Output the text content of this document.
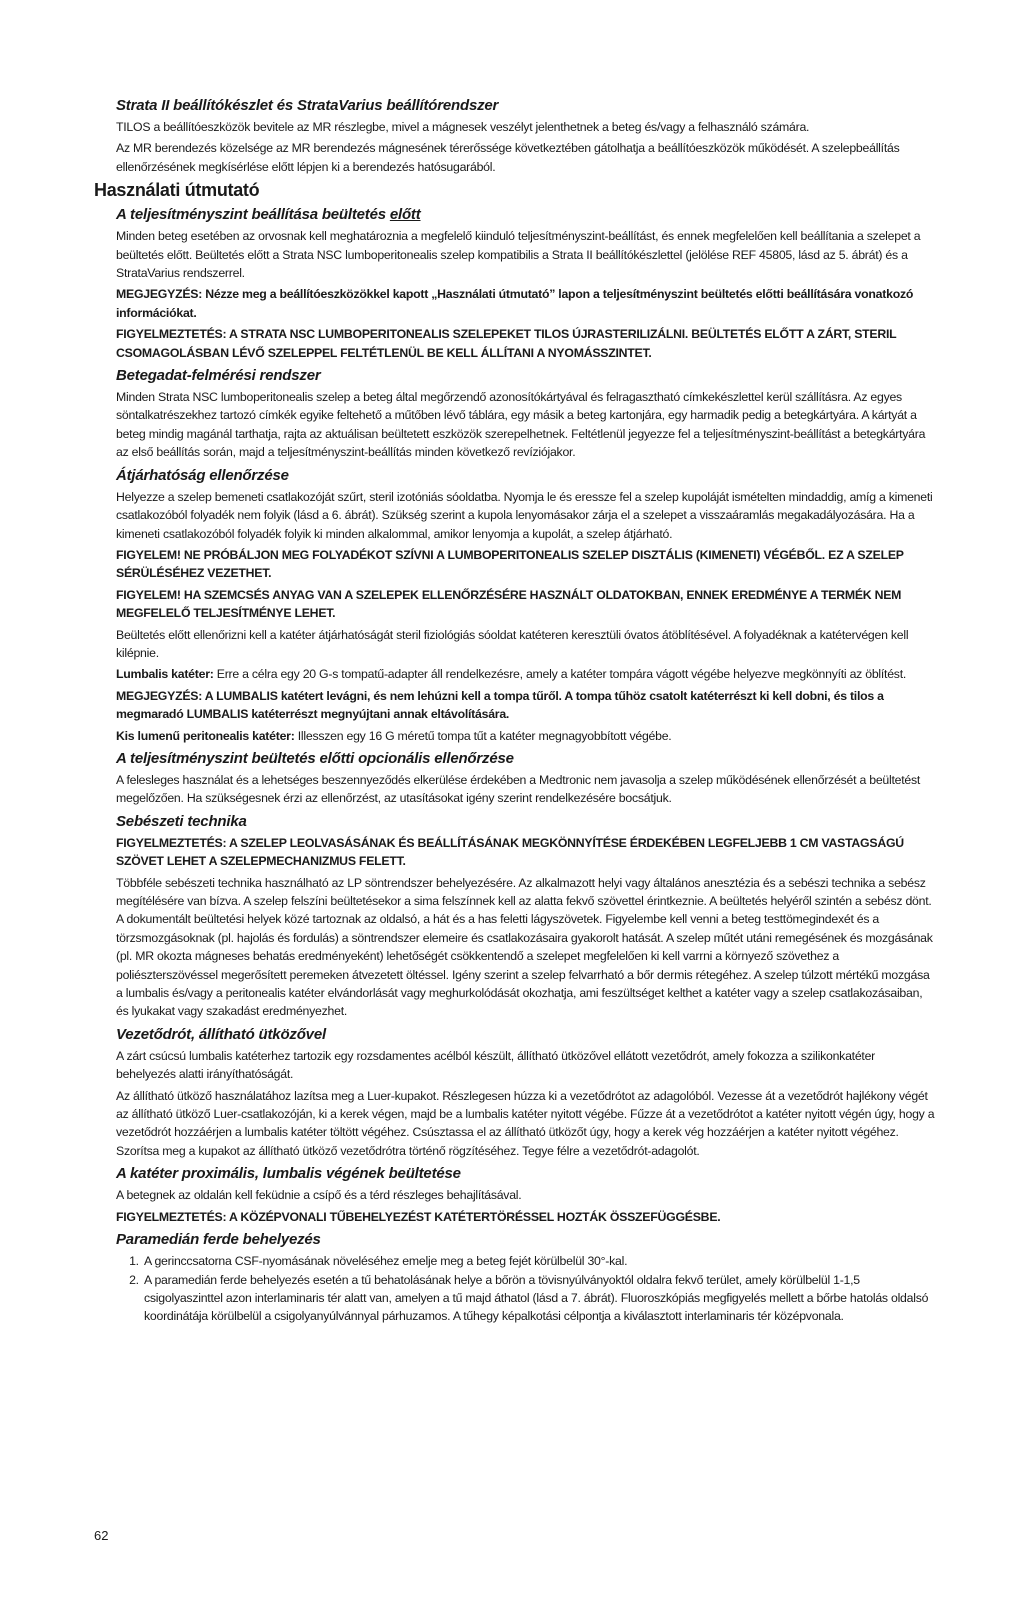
Strata II beállítókészlet és StrataVarius beállítórendszer

TILOS a beállítóeszközök bevitele az MR részlegbe, mivel a mágnesek veszélyt jelenthetnek a beteg és/vagy a felhasználó számára.

Az MR berendezés közelsége az MR berendezés mágnesének térerőssége következtében gátolhatja a beállítóeszközök működését. A szelepbeállítás ellenőrzésének megkísérlése előtt lépjen ki a berendezés hatósugarából.

Használati útmutató
A teljesítményszint beállítása beültetés előtt

Minden beteg esetében az orvosnak kell meghatároznia a megfelelő kiinduló teljesítményszint-beállítást, és ennek megfelelően kell beállítania a szelepet a beültetés előtt. Beültetés előtt a Strata NSC lumboperitonealis szelep kompatibilis a Strata II beállítókészlettel (jelölése REF 45805, lásd az 5. ábrát) és a StrataVarius rendszerrel.

MEGJEGYZÉS: Nézze meg a beállítóeszközökkel kapott „Használati útmutató” lapon a teljesítményszint beültetés előtti beállítására vonatkozó információkat.

FIGYELMEZTETÉS: A STRATA NSC LUMBOPERITONEALIS SZELEPEKET TILOS ÚJRASTERILIZÁLNI. BEÜLTETÉS ELŐTT A ZÁRT, STERIL CSOMAGOLÁSBAN LÉVŐ SZELEPPEL FELTÉTLENÜL BE KELL ÁLLÍTANI A NYOMÁSSZINTET.

Betegadat-felmérési rendszer

Minden Strata NSC lumboperitonealis szelep a beteg által megőrzendő azonosítókártyával és felragasztható címkekészlettel kerül szállításra. Az egyes söntalkatrészekhez tartozó címkék egyike feltehető a műtőben lévő táblára, egy másik a beteg kartonjára, egy harmadik pedig a betegkártyára. A kártyát a beteg mindig magánál tarthatja, rajta az aktuálisan beültetett eszközök szerepelhetnek. Feltétlenül jegyezze fel a teljesítményszint-beállítást a betegkártyára az első beállítás során, majd a teljesítményszint-beállítás minden következő revíziójakor.

Átjárhatóság ellenőrzése

Helyezze a szelep bemeneti csatlakozóját szűrt, steril izotóniás sóoldatba. Nyomja le és eressze fel a szelep kupoláját ismételten mindaddig, amíg a kimeneti csatlakozóból folyadék nem folyik (lásd a 6. ábrát). Szükség szerint a kupola lenyomásakor zárja el a szelepet a visszaáramlás megakadályozására. Ha a kimeneti csatlakozóból folyadék folyik ki minden alkalommal, amikor lenyomja a kupolát, a szelep átjárható.

FIGYELEM! NE PRÓBÁLJON MEG FOLYADÉKOT SZÍVNI A LUMBOPERITONEALIS SZELEP DISZTÁLIS (KIMENETI) VÉGÉBŐL. EZ A SZELEP SÉRÜLÉSÉHEZ VEZETHET.

FIGYELEM! HA SZEMCSÉS ANYAG VAN A SZELEPEK ELLENŐRZÉSÉRE HASZNÁLT OLDATOKBAN, ENNEK EREDMÉNYE A TERMÉK NEM MEGFELELŐ TELJESÍTMÉNYE LEHET.

Beültetés előtt ellenőrizni kell a katéter átjárhatóságát steril fiziológiás sóoldat katéteren keresztüli óvatos átöblítésével. A folyadéknak a katétervégen kell kilépnie.

Lumbalis katéter: Erre a célra egy 20 G-s tompatű-adapter áll rendelkezésre, amely a katéter tompára vágott végébe helyezve megkönnyíti az öblítést.

MEGJEGYZÉS: A LUMBALIS katétert levágni, és nem lehúzni kell a tompa tűről. A tompa tűhöz csatolt katéterrészt ki kell dobni, és tilos a megmaradó LUMBALIS katéterrészt megnyújtani annak eltávolítására.

Kis lumenű peritonealis katéter: Illesszen egy 16 G méretű tompa tűt a katéter megnagyobbított végébe.

A teljesítményszint beültetés előtti opcionális ellenőrzése

A felesleges használat és a lehetséges beszennyeződés elkerülése érdekében a Medtronic nem javasolja a szelep működésének ellenőrzését a beültetést megelőzően. Ha szükségesnek érzi az ellenőrzést, az utasításokat igény szerint rendelkezésére bocsátjuk.

Sebészeti technika

FIGYELMEZTETÉS: A SZELEP LEOLVASÁSÁNAK ÉS BEÁLLÍTÁSÁNAK MEGKÖNNYÍTÉSE ÉRDEKÉBEN LEGFELJEBB 1 CM VASTAGSÁGÚ SZÖVET LEHET A SZELEPMECHANIZMUS FELETT.

Többféle sebészeti technika használható az LP söntrendszer behelyezésére. Az alkalmazott helyi vagy általános anesztézia és a sebészi technika a sebész megítélésére van bízva. A szelep felszíni beültetésekor a sima felszínnek kell az alatta fekvő szövettel érintkeznie. A beültetés helyéről szintén a sebész dönt. A dokumentált beültetési helyek közé tartoznak az oldalsó, a hát és a has feletti lágyszövetek. Figyelembe kell venni a beteg testtömegindexét és a törzsmozgásoknak (pl. hajolás és fordulás) a söntrendszer elemeire és csatlakozásaira gyakorolt hatását. A szelep műtét utáni remegésének és mozgásának (pl. MR okozta mágneses behatás eredményeként) lehetőségét csökkentendő a szelepet megfelelően ki kell varrni a környező szövethez a poliészterszövéssel megerősített peremeken átvezetett öltéssel. Igény szerint a szelep felvarrható a bőr dermis rétegéhez. A szelep túlzott mértékű mozgása a lumbalis és/vagy a peritonealis katéter elvándorlását vagy meghurkolódását okozhatja, ami feszültséget kelthet a katéter vagy a szelep csatlakozásaiban, és lyukakat vagy szakadást eredményezhet.

Vezetődrót, állítható ütközővel

A zárt csúcsú lumbalis katéterhez tartozik egy rozsdamentes acélból készült, állítható ütközővel ellátott vezetődrót, amely fokozza a szilikonkatéter behelyezés alatti irányíthatóságát.

Az állítható ütköző használatához lazítsa meg a Luer-kupakot. Részlegesen húzza ki a vezetődrótot az adagolóból. Vezesse át a vezetődrót hajlékony végét az állítható ütköző Luer-csatlakozóján, ki a kerek végen, majd be a lumbalis katéter nyitott végébe. Fűzze át a vezetődrótot a katéter nyitott végén úgy, hogy a vezetődrót hozzáérjen a lumbalis katéter töltött végéhez. Csúsztassa el az állítható ütközőt úgy, hogy a kerek vég hozzáérjen a katéter nyitott végéhez. Szorítsa meg a kupakot az állítható ütköző vezetődrótra történő rögzítéséhez. Tegye félre a vezetődrót-adagolót.

A katéter proximális, lumbalis végének beültetése

A betegnek az oldalán kell feküdnie a csípő és a térd részleges behajlításával.

FIGYELMEZTETÉS: A KÖZÉPVONALI TŰBEHELYEZÉST KATÉTERTÖRÉSSEL HOZTÁK ÖSSZEFÜGGÉSBE.

Paramedián ferde behelyezés
1. A gerinccsatorna CSF-nyomásának növeléséhez emelje meg a beteg fejét körülbelül 30°-kal.
2. A paramedián ferde behelyezés esetén a tű behatolásának helye a bőrön a tövisnyúlványoktól oldalra fekvő terület, amely körülbelül 1-1,5 csigolyaszinttel azon interlaminaris tér alatt van, amelyen a tű majd áthatol (lásd a 7. ábrát). Fluoroszkópiás megfigyelés mellett a bőrbe hatolás oldalsó koordinátája körülbelül a csigolyanyúlvánnyal párhuzamos. A tűhegy képalkotási célpontja a kiválasztott interlaminaris tér középvonala.
62
